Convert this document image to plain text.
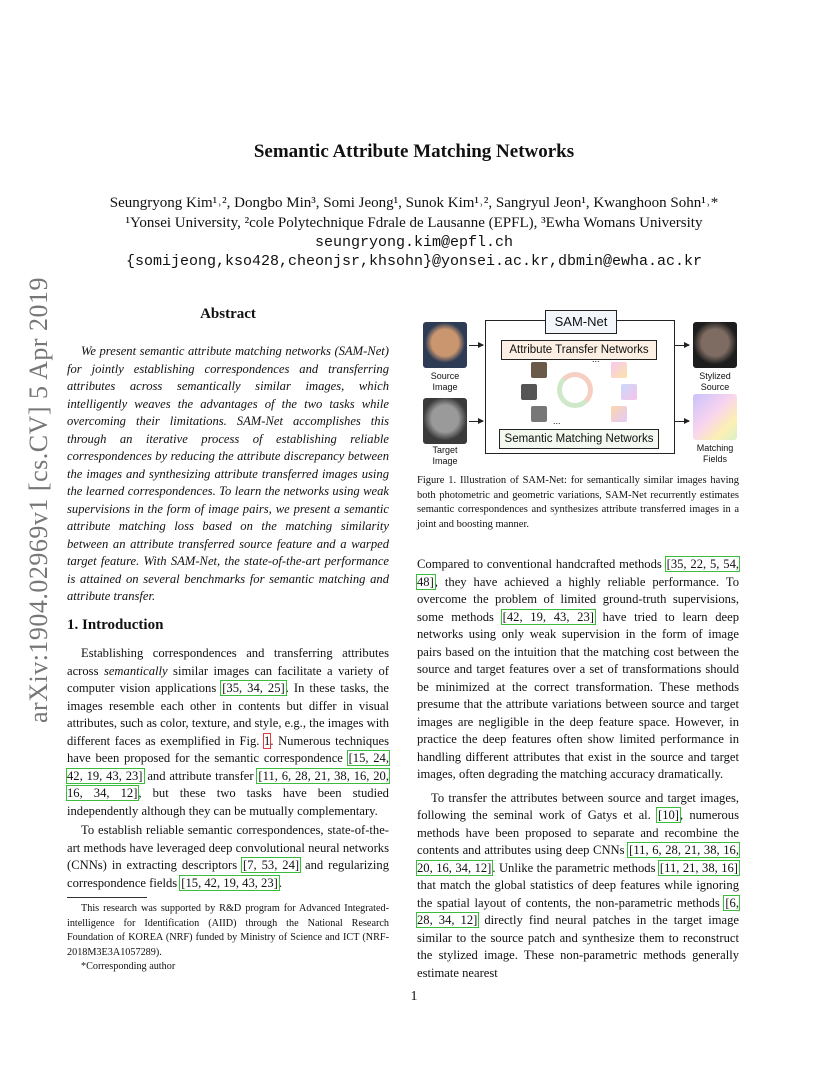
arXiv:1904.02969v1 [cs.CV] 5 Apr 2019
Semantic Attribute Matching Networks
Seungryong Kim¹˒², Dongbo Min³, Somi Jeong¹, Sunok Kim¹˒², Sangryul Jeon¹, Kwanghoon Sohn¹˒*
¹Yonsei University, ²cole Polytechnique Fdrale de Lausanne (EPFL), ³Ewha Womans University
seungryong.kim@epfl.ch
{somijeong,kso428,cheonjsr,khsohn}@yonsei.ac.kr,dbmin@ewha.ac.kr
Abstract
We present semantic attribute matching networks (SAM-Net) for jointly establishing correspondences and transferring attributes across semantically similar images, which intelligently weaves the advantages of the two tasks while overcoming their limitations. SAM-Net accomplishes this through an iterative process of establishing reliable correspondences by reducing the attribute discrepancy between the images and synthesizing attribute transferred images using the learned correspondences. To learn the networks using weak supervisions in the form of image pairs, we present a semantic attribute matching loss based on the matching similarity between an attribute transferred source feature and a warped target feature. With SAM-Net, the state-of-the-art performance is attained on several benchmarks for semantic matching and attribute transfer.
1. Introduction

Establishing correspondences and transferring attributes across semantically similar images can facilitate a variety of computer vision applications [35, 34, 25]. In these tasks, the images resemble each other in contents but differ in visual attributes, such as color, texture, and style, e.g., the images with different faces as exemplified in Fig. 1. Numerous techniques have been proposed for the semantic correspondence [15, 24, 42, 19, 43, 23] and attribute transfer [11, 6, 28, 21, 38, 16, 20, 16, 34, 12], but these two tasks have been studied independently although they can be mutually complementary.

To establish reliable semantic correspondences, state-of-the-art methods have leveraged deep convolutional neural networks (CNNs) in extracting descriptors [7, 53, 24] and regularizing correspondence fields [15, 42, 19, 43, 23].

This research was supported by R&D program for Advanced Integrated-intelligence for Identification (AIID) through the National Research Foundation of KOREA (NRF) funded by Ministry of Science and ICT (NRF-2018M3E3A1057289).

*Corresponding author

Source
Image
Target
Image
SAM-Net
Attribute Transfer Networks
Semantic Matching Networks
...
...
Stylized
Source
Matching
Fields
Figure 1. Illustration of SAM-Net: for semantically similar images having both photometric and geometric variations, SAM-Net recurrently estimates semantic correspondences and synthesizes attribute transferred images in a joint and boosting manner.

Compared to conventional handcrafted methods [35, 22, 5, 54, 48], they have achieved a highly reliable performance. To overcome the problem of limited ground-truth supervisions, some methods [42, 19, 43, 23] have tried to learn deep networks using only weak supervision in the form of image pairs based on the intuition that the matching cost between the source and target features over a set of transformations should be minimized at the correct transformation. These methods presume that the attribute variations between source and target images are negligible in the deep feature space. However, in practice the deep features often show limited performance in handling different attributes that exist in the source and target images, often degrading the matching accuracy dramatically.

To transfer the attributes between source and target images, following the seminal work of Gatys et al. [10], numerous methods have been proposed to separate and recombine the contents and attributes using deep CNNs [11, 6, 28, 21, 38, 16, 20, 16, 34, 12]. Unlike the parametric methods [11, 21, 38, 16] that match the global statistics of deep features while ignoring the spatial layout of contents, the non-parametric methods [6, 28, 34, 12] directly find neural patches in the target image similar to the source patch and synthesize them to reconstruct the stylized image. These non-parametric methods generally estimate nearest

1
